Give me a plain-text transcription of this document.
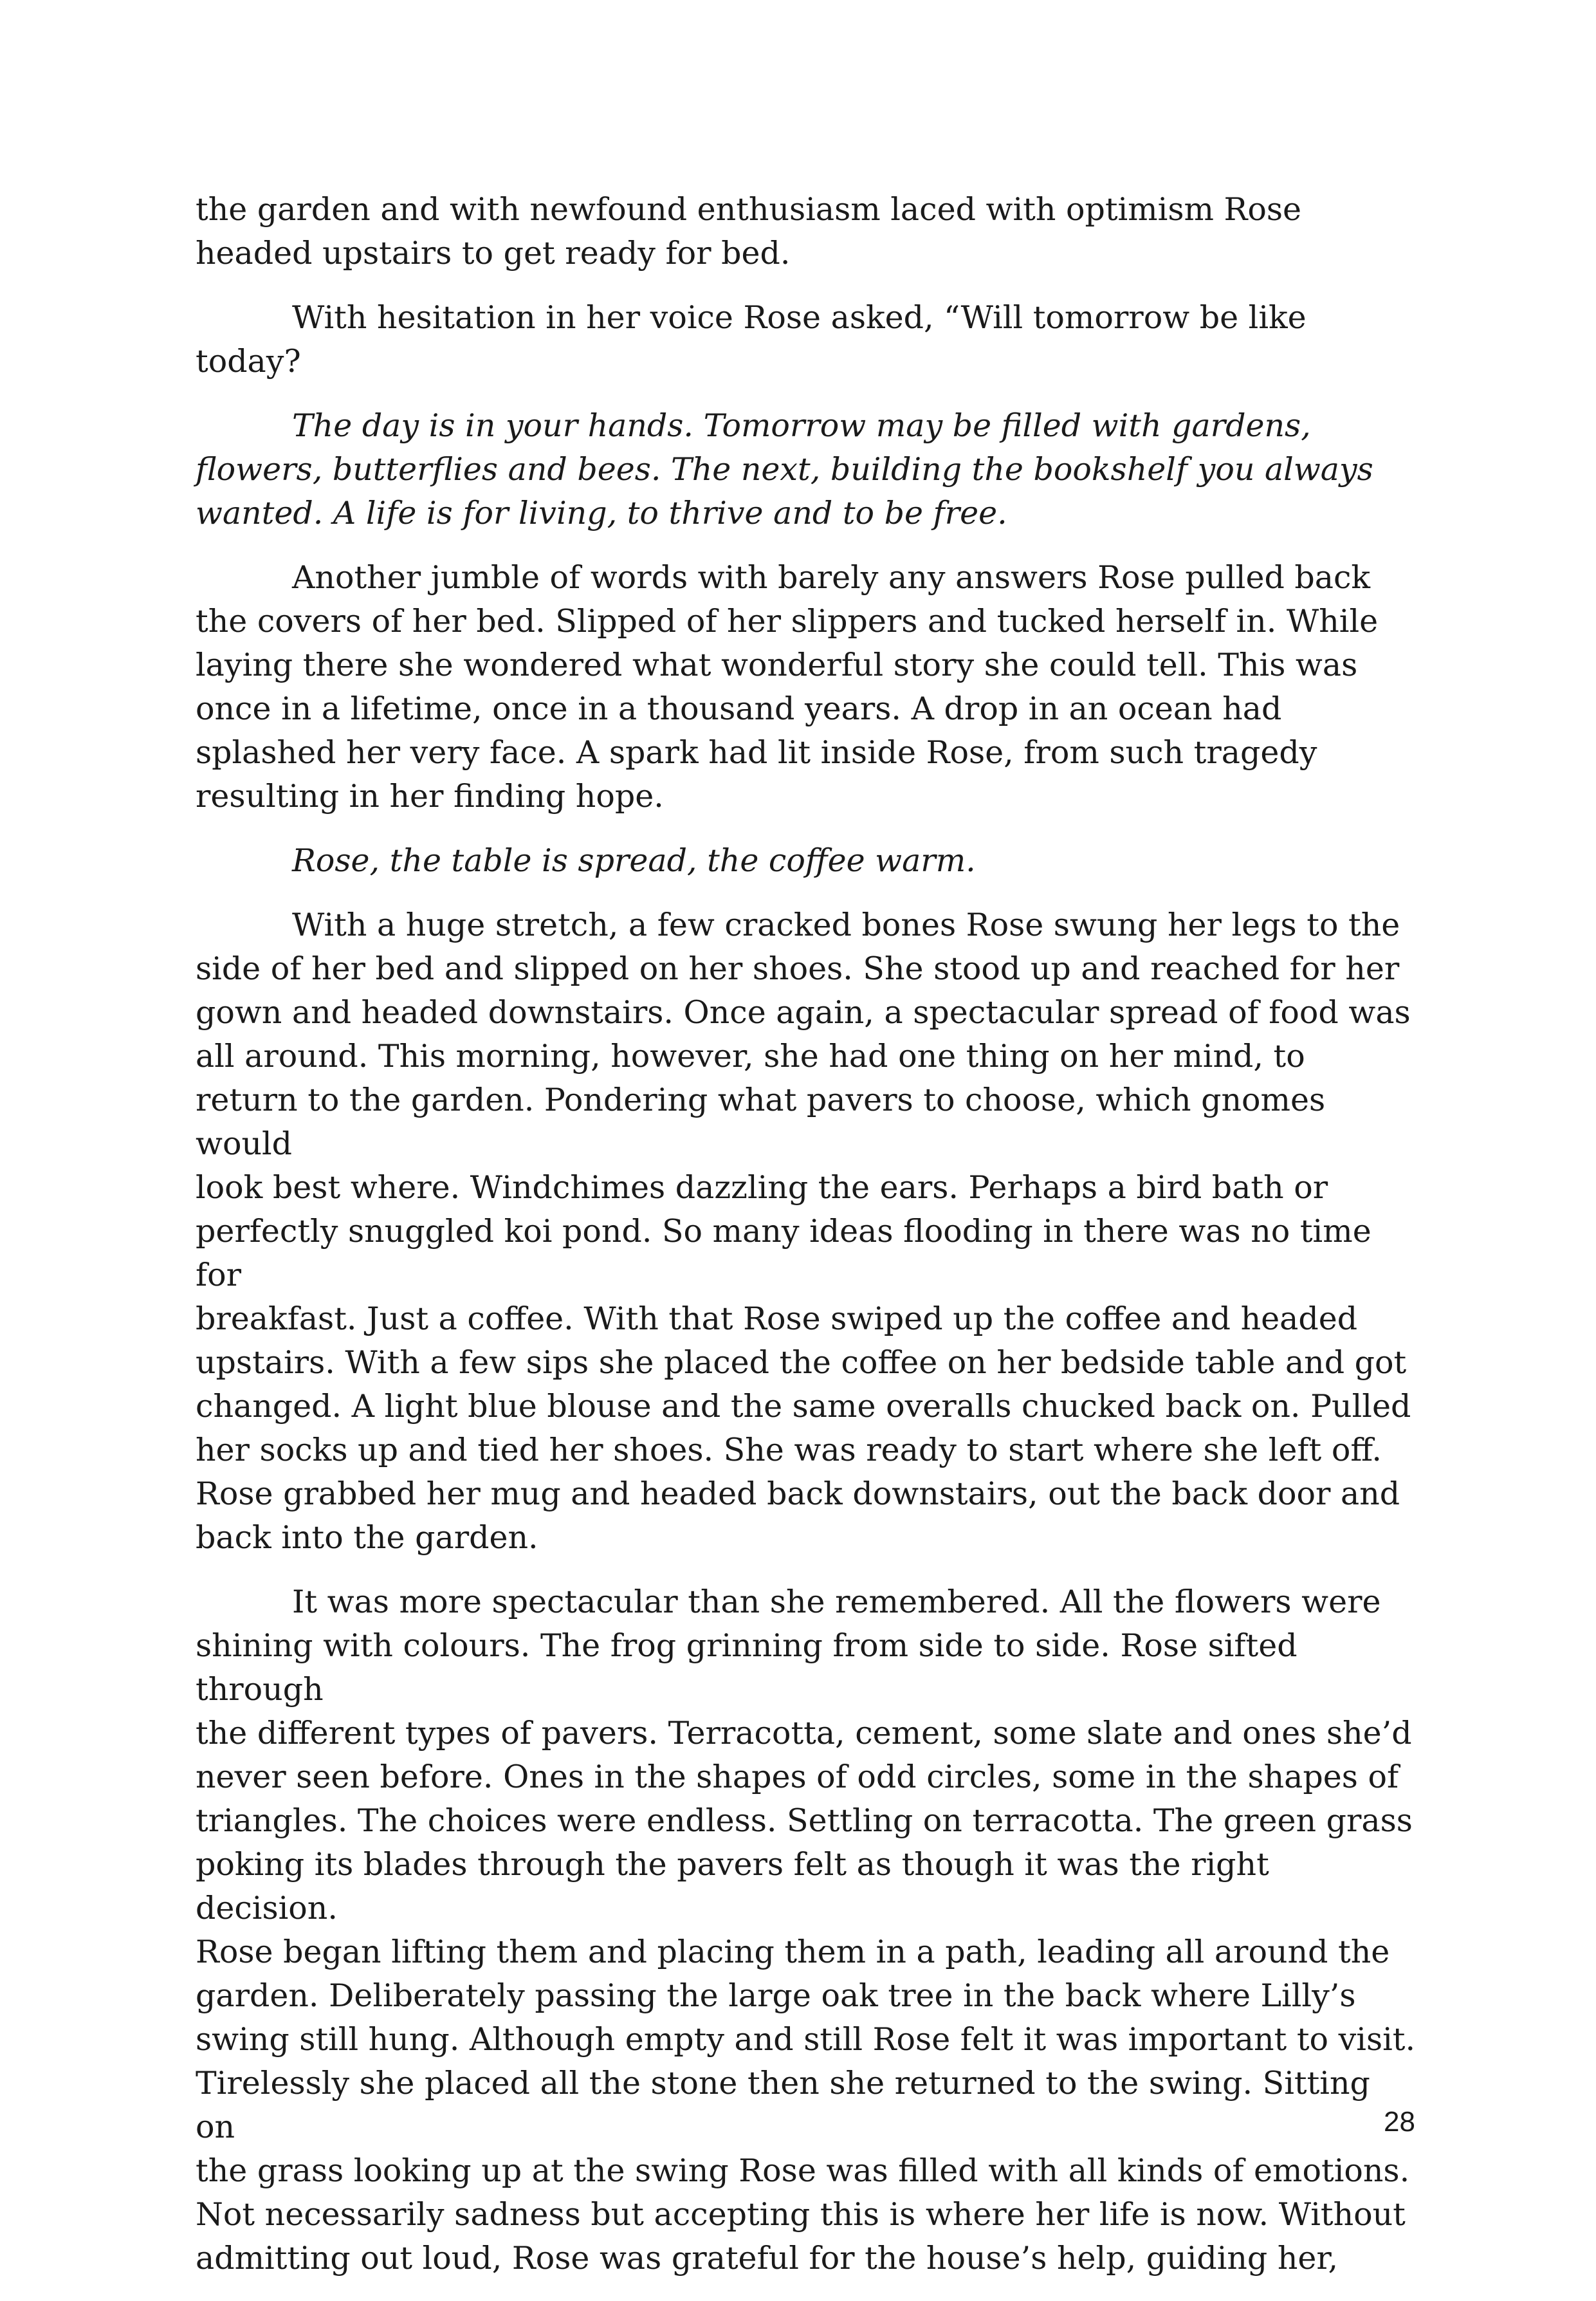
the garden and with newfound enthusiasm laced with optimism Rose
headed upstairs to get ready for bed.

With hesitation in her voice Rose asked, “Will tomorrow be like today?

The day is in your hands. Tomorrow may be filled with gardens,
flowers, butterflies and bees. The next, building the bookshelf you always
wanted. A life is for living, to thrive and to be free.

Another jumble of words with barely any answers Rose pulled back
the covers of her bed. Slipped of her slippers and tucked herself in. While
laying there she wondered what wonderful story she could tell. This was
once in a lifetime, once in a thousand years. A drop in an ocean had
splashed her very face. A spark had lit inside Rose, from such tragedy
resulting in her finding hope.

Rose, the table is spread, the coffee warm.

With a huge stretch, a few cracked bones Rose swung her legs to the
side of her bed and slipped on her shoes. She stood up and reached for her
gown and headed downstairs. Once again, a spectacular spread of food was
all around. This morning, however, she had one thing on her mind, to
return to the garden. Pondering what pavers to choose, which gnomes would
look best where. Windchimes dazzling the ears. Perhaps a bird bath or
perfectly snuggled koi pond. So many ideas flooding in there was no time for
breakfast. Just a coffee. With that Rose swiped up the coffee and headed
upstairs. With a few sips she placed the coffee on her bedside table and got
changed. A light blue blouse and the same overalls chucked back on. Pulled
her socks up and tied her shoes. She was ready to start where she left off.
Rose grabbed her mug and headed back downstairs, out the back door and
back into the garden.

It was more spectacular than she remembered. All the flowers were
shining with colours. The frog grinning from side to side. Rose sifted through
the different types of pavers. Terracotta, cement, some slate and ones she’d
never seen before. Ones in the shapes of odd circles, some in the shapes of
triangles. The choices were endless. Settling on terracotta. The green grass
poking its blades through the pavers felt as though it was the right decision.
Rose began lifting them and placing them in a path, leading all around the
garden. Deliberately passing the large oak tree in the back where Lilly’s
swing still hung. Although empty and still Rose felt it was important to visit.
Tirelessly she placed all the stone then she returned to the swing. Sitting on
the grass looking up at the swing Rose was filled with all kinds of emotions.
Not necessarily sadness but accepting this is where her life is now. Without
admitting out loud, Rose was grateful for the house’s help, guiding her,

28
